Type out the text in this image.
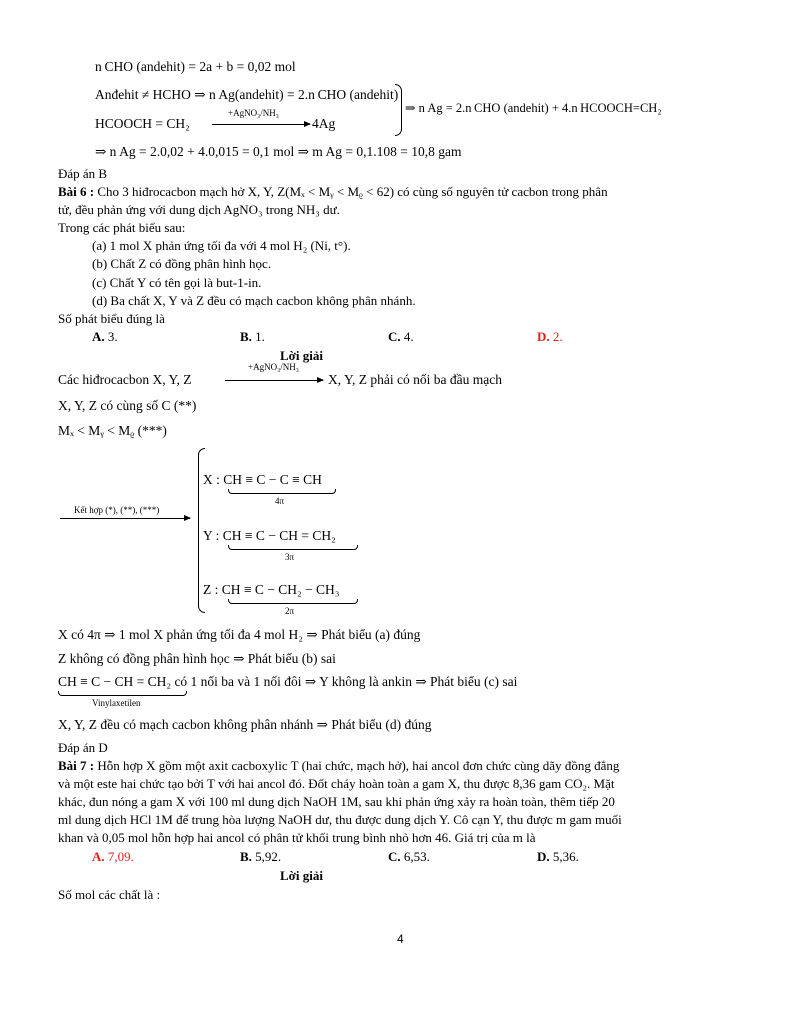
n CHO (andehit) = 2a + b = 0,02 mol
Anđehit ≠ HCHO ⇒ n Ag(andehit) = 2.n CHO (andehit)
HCOOCH = CH₂
+AgNO₃/NH₃
4Ag
⇒ n Ag = 2.n CHO (andehit) + 4.n HCOOCH=CH₂
⇒ n Ag = 2.0,02 + 4.0,015 = 0,1 mol ⇒ m Ag = 0,1.108 = 10,8 gam
Đáp án B
Bài 6 : Cho 3 hiđrocacbon mạch hở X, Y, Z(Mₓ < Mᵧ < Mᵨ < 62) có cùng số nguyên tử cacbon trong phân
tử, đều phản ứng với dung dịch AgNO₃ trong NH₃ dư.
Trong các phát biểu sau:
(a) 1 mol X phản ứng tối đa với 4 mol H₂ (Ni, t°).
(b) Chất Z có đồng phân hình học.
(c) Chất Y có tên gọi là but-1-in.
(d) Ba chất X, Y và Z đều có mạch cacbon không phân nhánh.
Số phát biểu đúng là
A. 3.	B. 1.	C. 4.	D. 2.
Lời giải
Các hiđrocacbon X, Y, Z
+AgNO₃/NH₃
X, Y, Z phải có nối ba đầu mạch
X, Y, Z có cùng số C (**)
Mₓ < Mᵧ < Mᵨ (***)
Kết hợp (*), (**), (***)
X : CH ≡ C − C ≡ CH
4π
Y : CH ≡ C − CH = CH₂
3π
Z : CH ≡ C − CH₂ − CH₃
2π
X có 4π ⇒ 1 mol X phản ứng tối đa 4 mol H₂ ⇒ Phát biểu (a) đúng
Z không có đồng phân hình học ⇒ Phát biểu (b) sai
CH ≡ C − CH = CH₂ có 1 nối ba và 1 nối đôi ⇒ Y không là ankin ⇒ Phát biểu (c) sai
Vinylaxetilen
X, Y, Z đều có mạch cacbon không phân nhánh ⇒ Phát biểu (d) đúng
Đáp án D
Bài 7 : Hỗn hợp X gồm một axit cacboxylic T (hai chức, mạch hở), hai ancol đơn chức cùng dãy đồng đẳng
và một este hai chức tạo bởi T với hai ancol đó. Đốt cháy hoàn toàn a gam X, thu được 8,36 gam CO₂. Mặt
khác, đun nóng a gam X với 100 ml dung dịch NaOH 1M, sau khi phản ứng xảy ra hoàn toàn, thêm tiếp 20
ml dung dịch HCl 1M để trung hòa lượng NaOH dư, thu được dung dịch Y. Cô cạn Y, thu được m gam muối
khan và 0,05 mol hỗn hợp hai ancol có phân tử khối trung bình nhỏ hơn 46. Giá trị của m là
A. 7,09.	B. 5,92.	C. 6,53.	D. 5,36.
Lời giải
Số mol các chất là :
4
